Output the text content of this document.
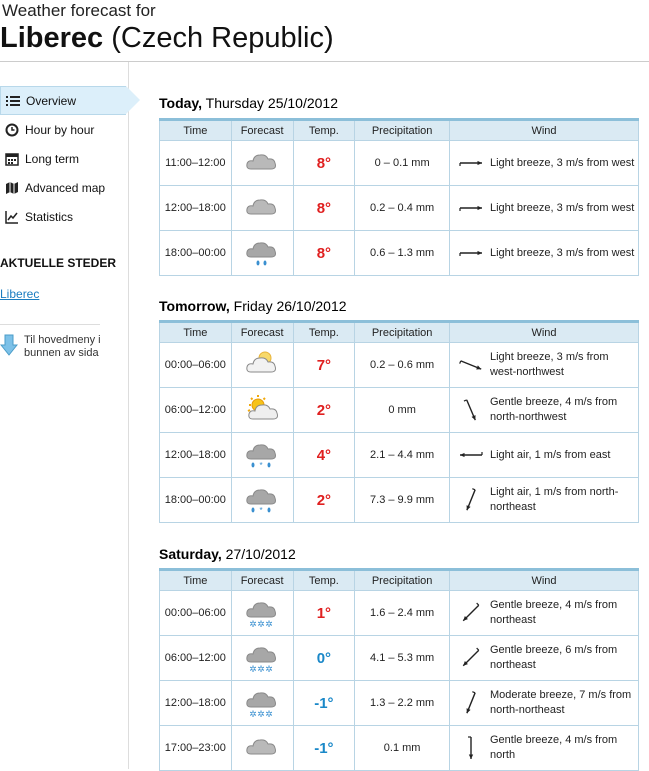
Weather forecast for
Liberec (Czech Republic)
Overview
Hour by hour
Long term
Advanced map
Statistics
AKTUELLE STEDER
Liberec
Til hovedmeny i bunnen av sida
Today, Thursday 25/10/2012
Time	Forecast	Temp.	Precipitation	Wind
11:00–12:00		8°	0 – 0.1 mm	Light breeze, 3 m/s from west

12:00–18:00		8°	0.2 – 0.4 mm	Light breeze, 3 m/s from west

18:00–00:00		8°	0.6 – 1.3 mm	Light breeze, 3 m/s from west
Tomorrow, Friday 26/10/2012
Time	Forecast	Temp.	Precipitation	Wind
00:00–06:00		7°	0.2 – 0.6 mm	Light breeze, 3 m/s from west-northwest

06:00–12:00		2°	0 mm	Gentle breeze, 4 m/s from north-northwest

12:00–18:00	*	4°	2.1 – 4.4 mm	Light air, 1 m/s from east

18:00–00:00	*	2°	7.3 – 9.9 mm	Light air, 1 m/s from north-northeast
Saturday, 27/10/2012
Time	Forecast	Temp.	Precipitation	Wind
00:00–06:00	✲ ✲ ✲	1°	1.6 – 2.4 mm	Gentle breeze, 4 m/s from northeast

06:00–12:00	✲ ✲ ✲	0°	4.1 – 5.3 mm	Gentle breeze, 6 m/s from northeast

12:00–18:00	✲ ✲ ✲	-1°	1.3 – 2.2 mm	Moderate breeze, 7 m/s from north-northeast

17:00–23:00		-1°	0.1 mm	Gentle breeze, 4 m/s from north
